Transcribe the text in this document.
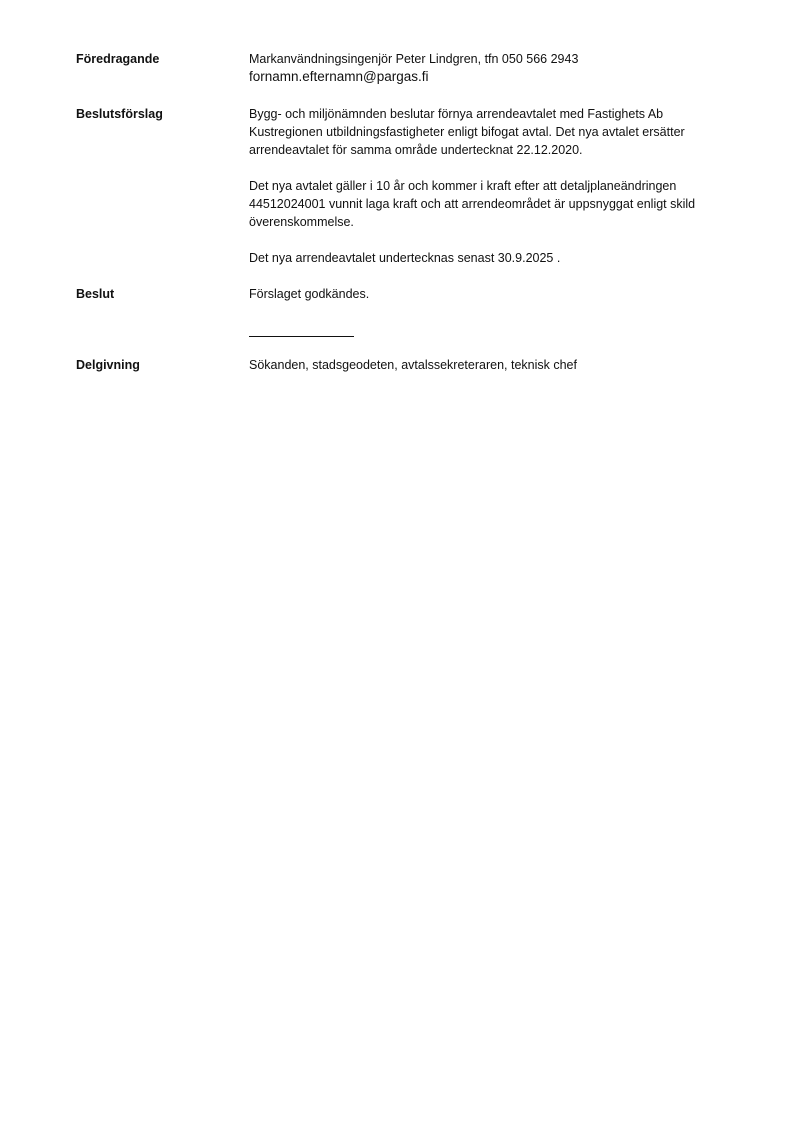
Föredragande	Markanvändningsingenjör Peter Lindgren, tfn 050 566 2943

fornamn.efternamn@pargas.fi

Beslutsförslag	Bygg- och miljönämnden beslutar förnya arrendeavtalet med Fastighets Ab

Kustregionen utbildningsfastigheter enligt bifogat avtal. Det nya avtalet ersätter

arrendeavtalet för samma område undertecknat 22.12.2020.

Det nya avtalet gäller i 10 år och kommer i kraft efter att detaljplaneändringen

44512024001 vunnit laga kraft och att arrendeområdet är uppsnyggat enligt skild

överenskommelse.

Det nya arrendeavtalet undertecknas senast 30.9.2025 .

Beslut	Förslaget godkändes.

Delgivning	Sökanden, stadsgeodeten, avtalssekreteraren, teknisk chef
